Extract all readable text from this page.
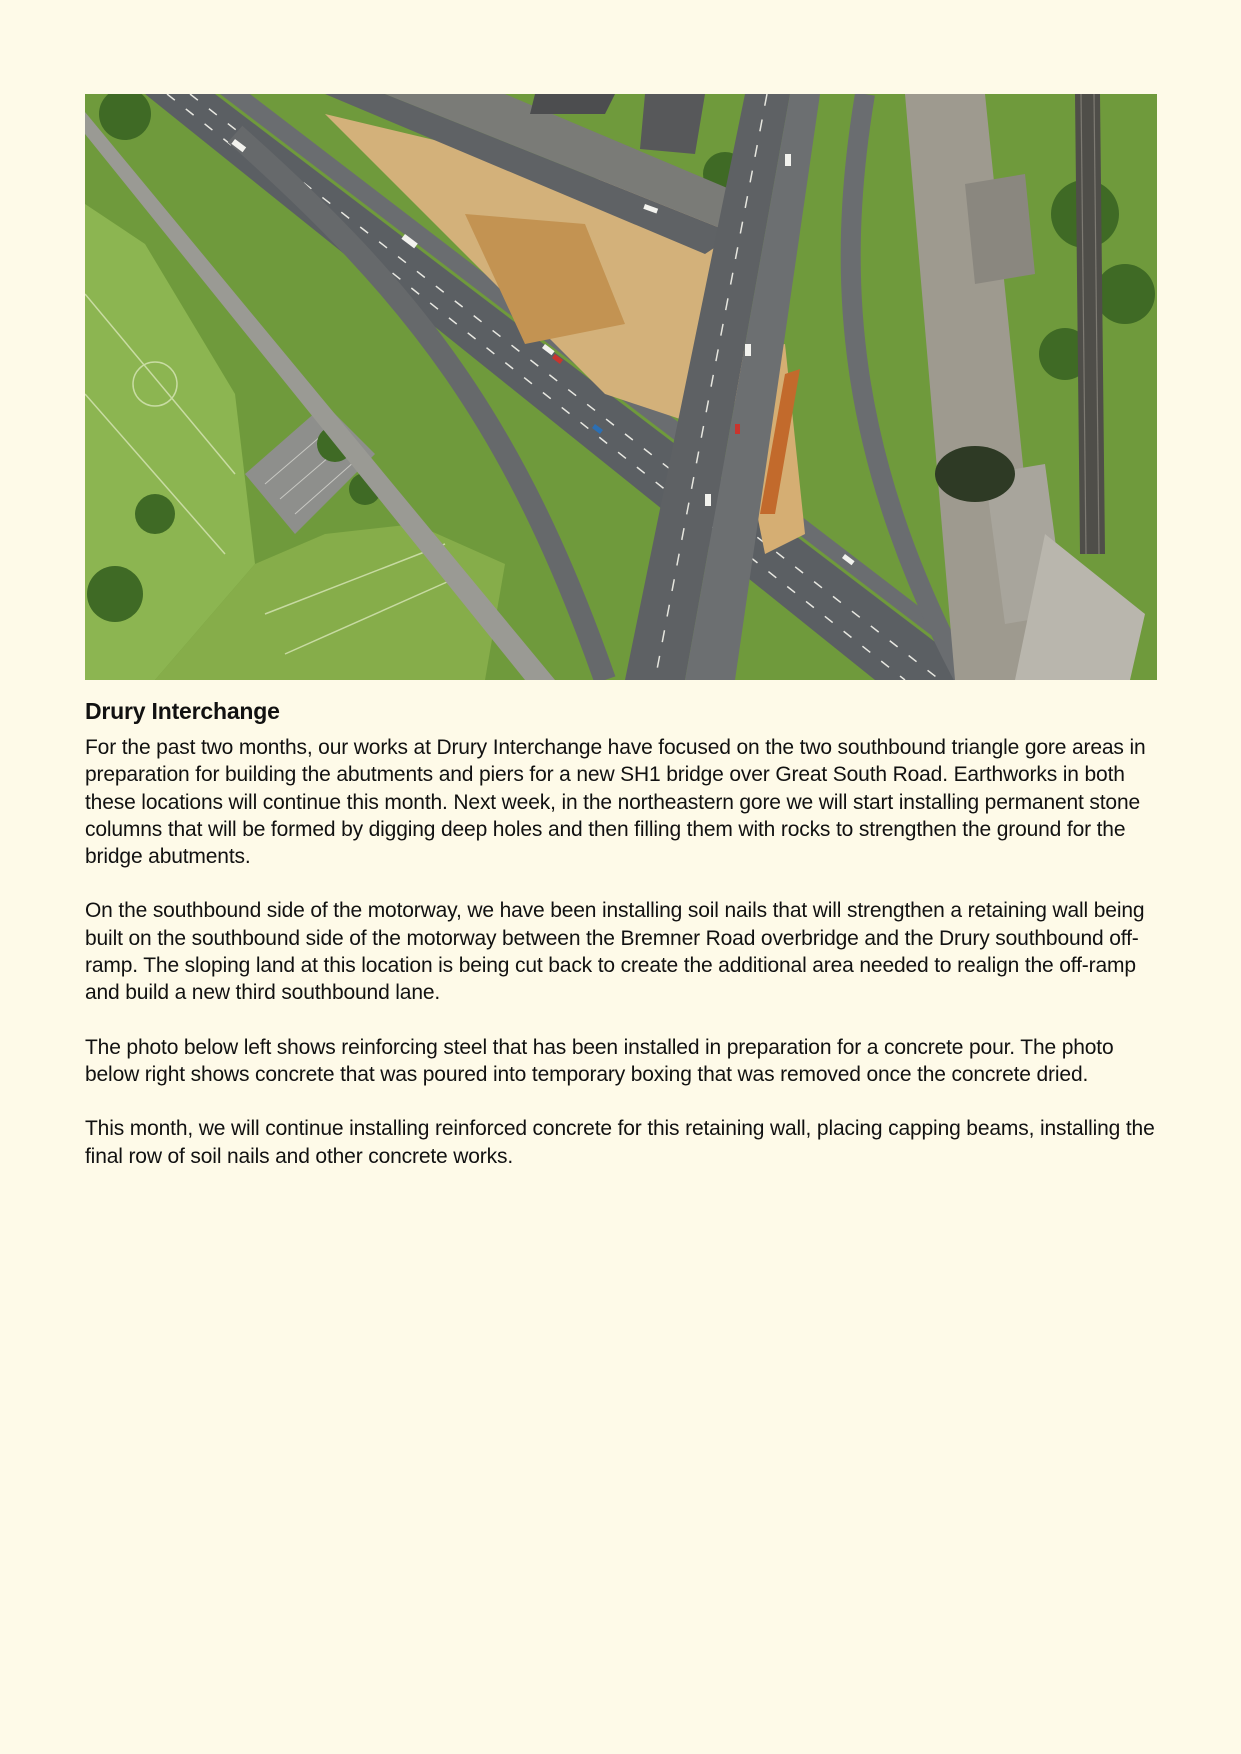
Drury Interchange

For the past two months, our works at Drury Interchange have focused on the two southbound triangle gore areas in preparation for building the abutments and piers for a new SH1 bridge over Great South Road. Earthworks in both these locations will continue this month. Next week, in the northeastern gore we will start installing permanent stone columns that will be formed by digging deep holes and then filling them with rocks to strengthen the ground for the bridge abutments.

On the southbound side of the motorway, we have been installing soil nails that will strengthen a retaining wall being built on the southbound side of the motorway between the Bremner Road overbridge and the Drury southbound off-ramp. The sloping land at this location is being cut back to create the additional area needed to realign the off-ramp and build a new third southbound lane.

The photo below left shows reinforcing steel that has been installed in preparation for a concrete pour. The photo below right shows concrete that was poured into temporary boxing that was removed once the concrete dried.

This month, we will continue installing reinforced concrete for this retaining wall, placing capping beams, installing the final row of soil nails and other concrete works.
